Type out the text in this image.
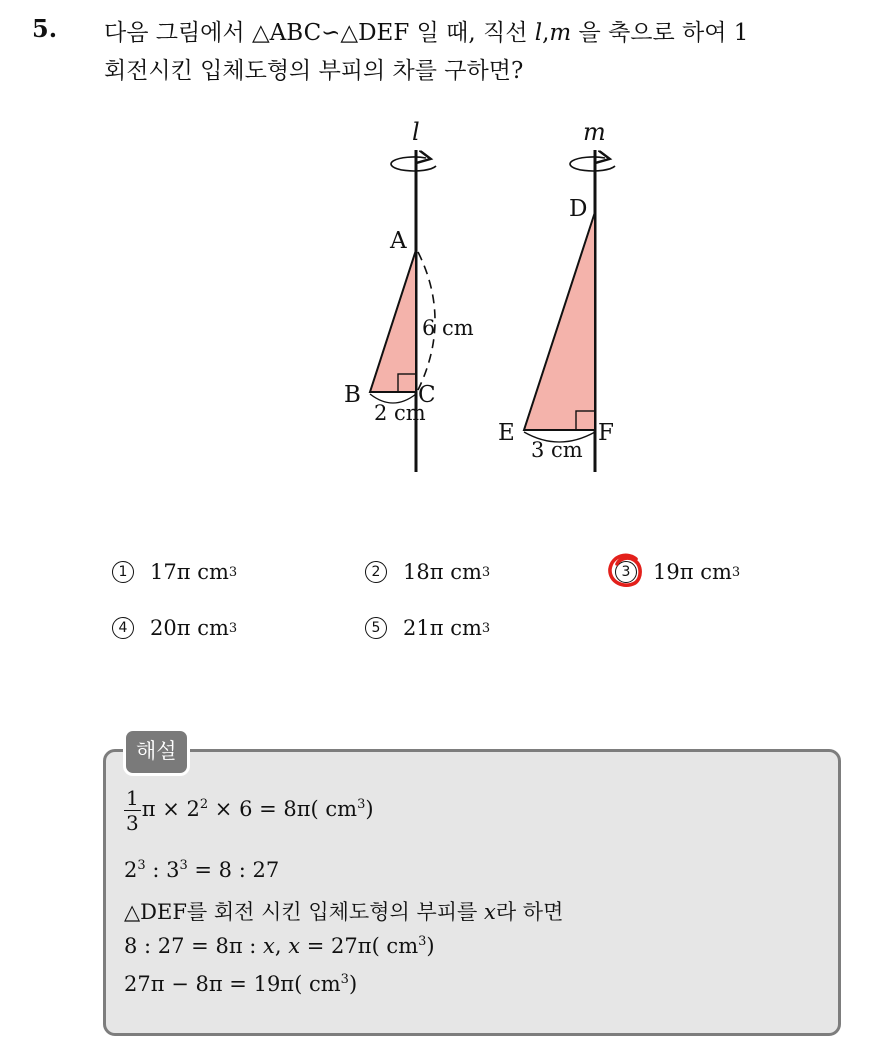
5. 다음 그림에서 △ABC∽△DEF 일 때, 직선 l,m 을 축으로 하여 1
회전시킨 입체도형의 부피의 차를 구하면?
l
A
B C
6 cm
2 cm
m
D
E	F
3 cm
1	17π cm 3	2	18π cm 3	3	19π cm 3
4	20π cm 3	5	21π cm 3
해설
$\frac{1}{3}$ $\pi \times 2^2 \times 6 = 8\pi$( $cm^3$)
$2^3$ : $3^3 = 8$ : 27
△DEF를 회전 시킨 입체도형의 부피를 x라 하면
8 : 27 = 8π : x, x = 27π( $cm^3$)
27π − 8π = 19π( $cm^3$)
